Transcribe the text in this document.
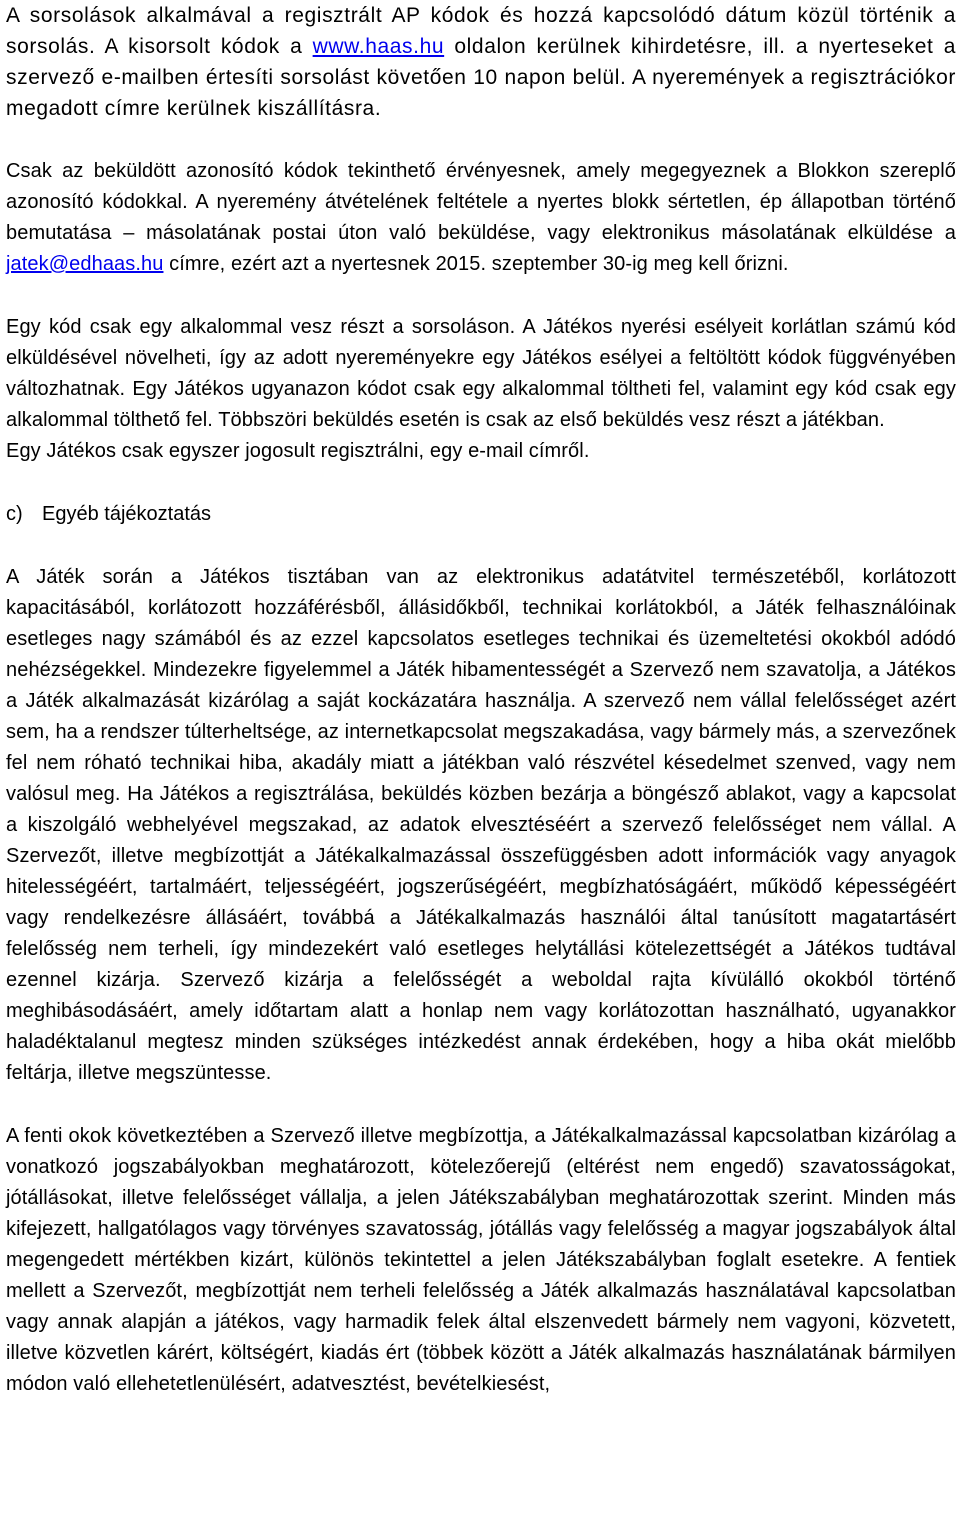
A sorsolások alkalmával a regisztrált AP kódok és hozzá kapcsolódó dátum közül történik a sorsolás. A kisorsolt kódok a www.haas.hu oldalon kerülnek kihirdetésre, ill. a nyerteseket a szervező e-mailben értesíti sorsolást követően 10 napon belül. A nyeremények a regisztrációkor megadott címre kerülnek kiszállításra.

Csak az beküldött azonosító kódok tekinthető érvényesnek, amely megegyeznek a Blokkon szereplő azonosító kódokkal. A nyeremény átvételének feltétele a nyertes blokk sértetlen, ép állapotban történő bemutatása – másolatának postai úton való beküldése, vagy elektronikus másolatának elküldése a jatek@edhaas.hu címre, ezért azt a nyertesnek 2015. szeptember 30-ig meg kell őrizni.

Egy kód csak egy alkalommal vesz részt a sorsoláson. A Játékos nyerési esélyeit korlátlan számú kód elküldésével növelheti, így az adott nyereményekre egy Játékos esélyei a feltöltött kódok függvényében változhatnak. Egy Játékos ugyanazon kódot csak egy alkalommal töltheti fel, valamint egy kód csak egy alkalommal tölthető fel. Többszöri beküldés esetén is csak az első beküldés vesz részt a játékban.

Egy Játékos csak egyszer jogosult regisztrálni, egy e-mail címről.

c) Egyéb tájékoztatás

A Játék során a Játékos tisztában van az elektronikus adatátvitel természetéből, korlátozott kapacitásából, korlátozott hozzáférésből, állásidőkből, technikai korlátokból, a Játék felhasználóinak esetleges nagy számából és az ezzel kapcsolatos esetleges technikai és üzemeltetési okokból adódó nehézségekkel. Mindezekre figyelemmel a Játék hibamentességét a Szervező nem szavatolja, a Játékos a Játék alkalmazását kizárólag a saját kockázatára használja. A szervező nem vállal felelősséget azért sem, ha a rendszer túlterheltsége, az internetkapcsolat megszakadása, vagy bármely más, a szervezőnek fel nem róható technikai hiba, akadály miatt a játékban való részvétel késedelmet szenved, vagy nem valósul meg. Ha Játékos a regisztrálása, beküldés közben bezárja a böngésző ablakot, vagy a kapcsolat a kiszolgáló webhelyével megszakad, az adatok elvesztéséért a szervező felelősséget nem vállal. A Szervezőt, illetve megbízottját a Játékalkalmazással összefüggésben adott információk vagy anyagok hitelességéért, tartalmáért, teljességéért, jogszerűségéért, megbízhatóságáért, működő képességéért vagy rendelkezésre állásáért, továbbá a Játékalkalmazás használói által tanúsított magatartásért felelősség nem terheli, így mindezekért való esetleges helytállási kötelezettségét a Játékos tudtával ezennel kizárja. Szervező kizárja a felelősségét a weboldal rajta kívülálló okokból történő meghibásodásáért, amely időtartam alatt a honlap nem vagy korlátozottan használható, ugyanakkor haladéktalanul megtesz minden szükséges intézkedést annak érdekében, hogy a hiba okát mielőbb feltárja, illetve megszüntesse.

A fenti okok következtében a Szervező illetve megbízottja, a Játékalkalmazással kapcsolatban kizárólag a vonatkozó jogszabályokban meghatározott, kötelezőerejű (eltérést nem engedő) szavatosságokat, jótállásokat, illetve felelősséget vállalja, a jelen Játékszabályban meghatározottak szerint. Minden más kifejezett, hallgatólagos vagy törvényes szavatosság, jótállás vagy felelősség a magyar jogszabályok által megengedett mértékben kizárt, különös tekintettel a jelen Játékszabályban foglalt esetekre. A fentiek mellett a Szervezőt, megbízottját nem terheli felelősség a Játék alkalmazás használatával kapcsolatban vagy annak alapján a játékos, vagy harmadik felek által elszenvedett bármely nem vagyoni, közvetett, illetve közvetlen kárért, költségért, kiadás ért (többek között a Játék alkalmazás használatának bármilyen módon való ellehetetlenülésért, adatvesztést, bevételkiesést,
